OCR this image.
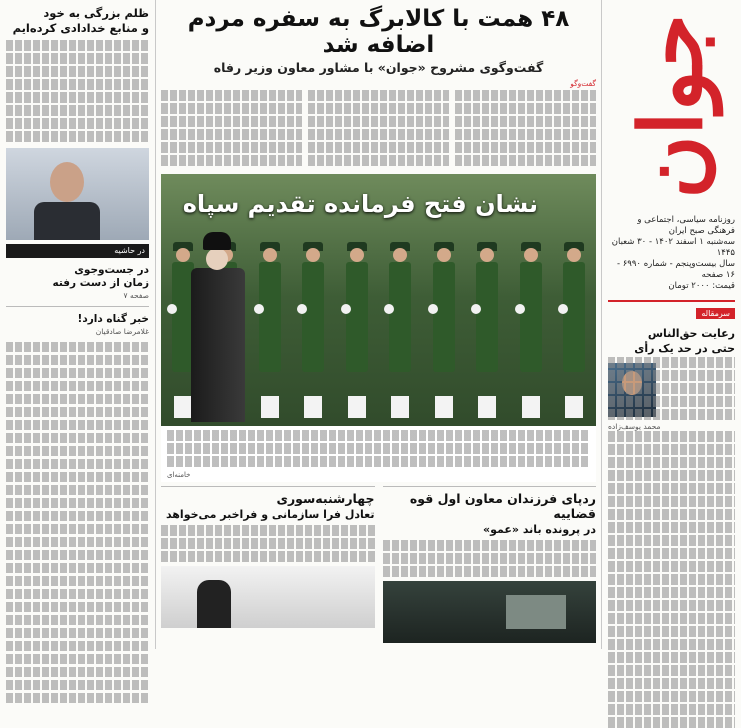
ظلم بزرگی به خود
و منابع خدادادی کرده‌ایم
در حاشیه
در جست‌وجوی
زمان از دست رفته
صفحه ۷
خبر گناه دارد!
غلامرضا صادقیان
۴۸ همت با کالابرگ به سفره مردم اضافه شد
گفت‌وگوی مشروح «جوان» با مشاور معاون وزیر رفاه
گفت‌وگو
نشان فتح فرمانده تقدیم سپاه
خامنه‌ای
ردپای فرزندان معاون اول قوه قضاییه
در پرونده باند «عمو»
چهارشنبه‌سوری
تعادل فرا سازمانی و فراخبر می‌خواهد
جوان
روزنامه سیاسی، اجتماعی و فرهنگی صبح ایران
سه‌شنبه ۱ اسفند ۱۴۰۲ - ۳۰ شعبان ۱۴۴۵
سال بیست‌وپنجم - شماره ۶۹۹۰ - ۱۶ صفحه
قیمت: ۲۰۰۰ تومان
سرمقاله
رعایت حق‌الناس
حتی در حد یک رأی
محمد یوسف‌زاده
